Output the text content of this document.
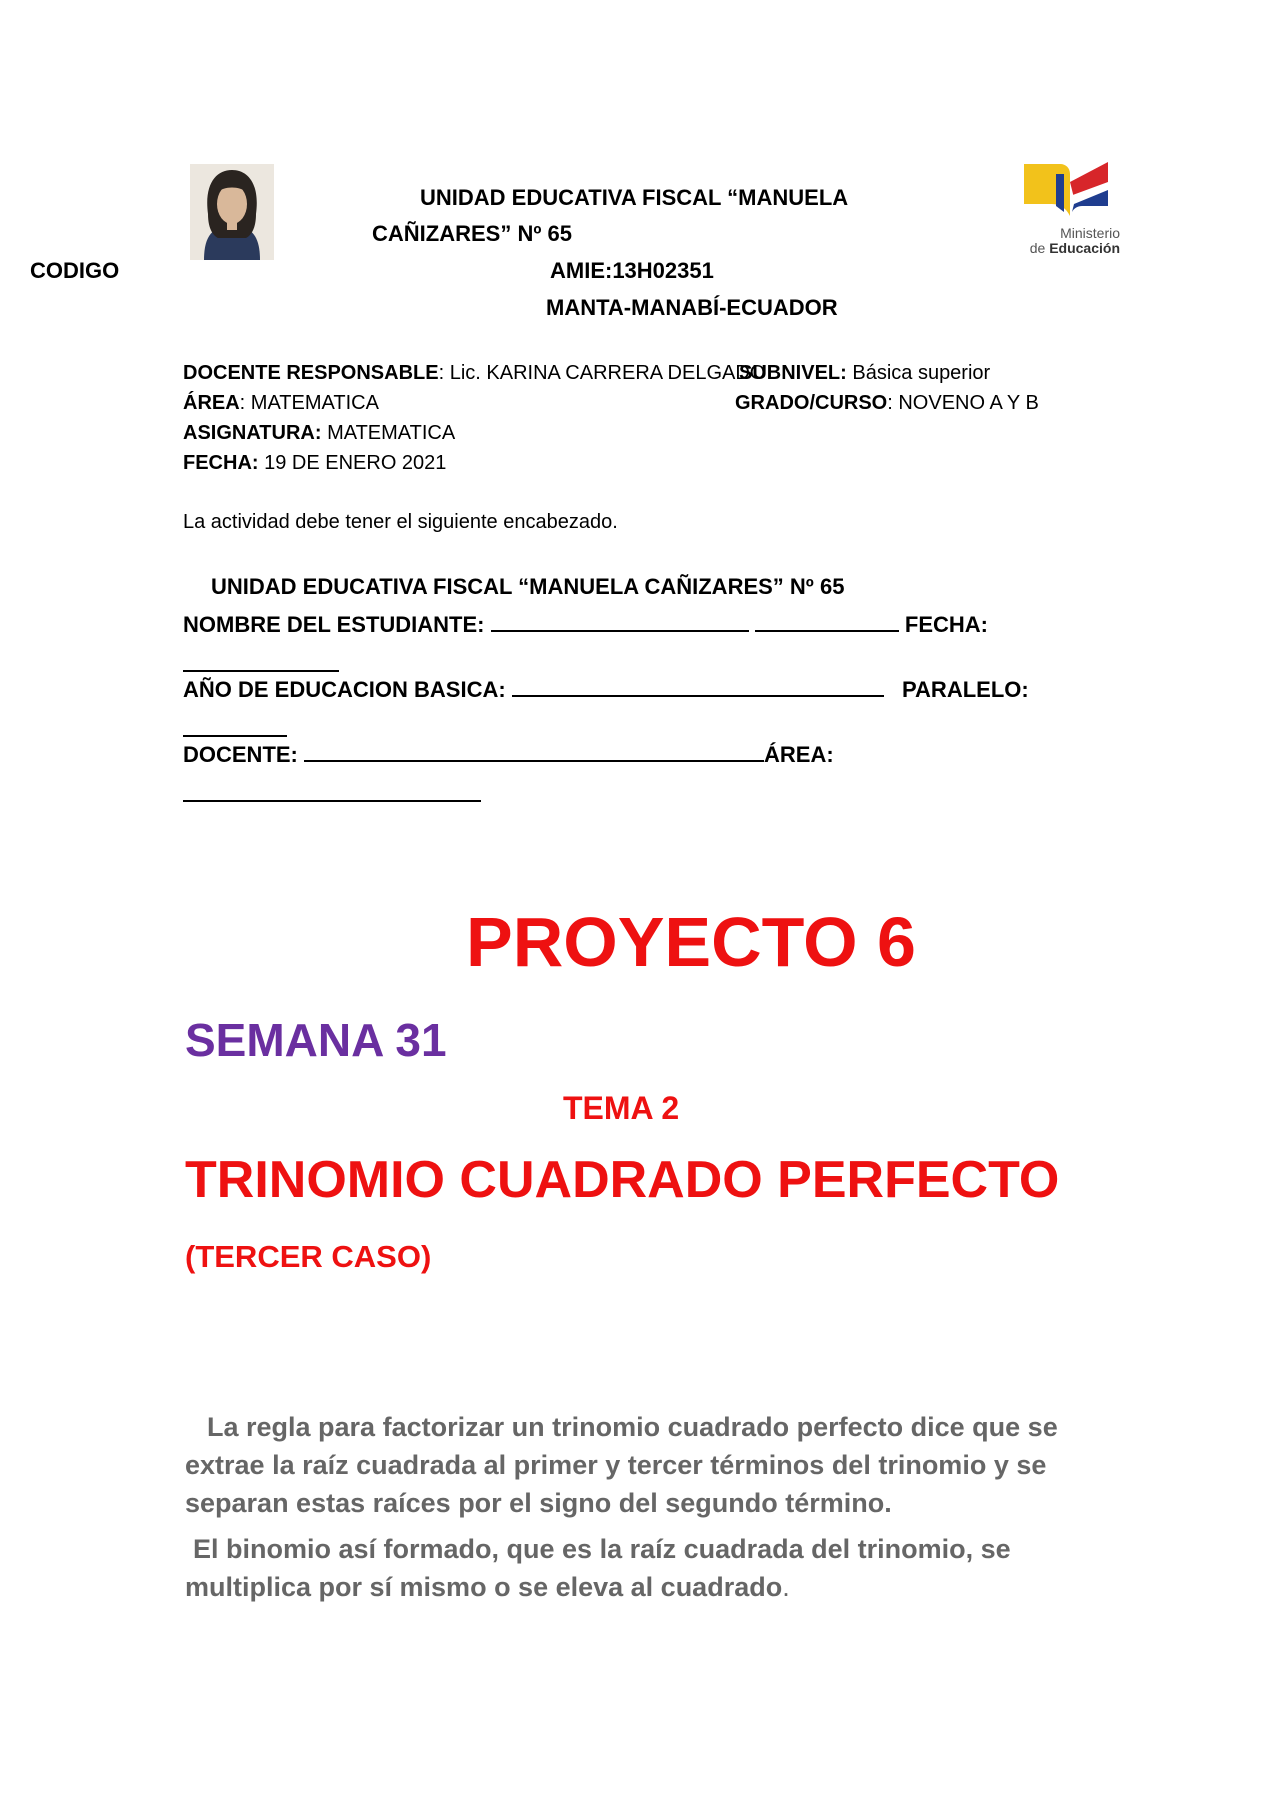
UNIDAD EDUCATIVA FISCAL “MANUELA
CAÑIZARES” Nº 65
CODIGO	AMIE:13H02351
MANTA-MANABÍ-ECUADOR
Ministerio
de Educación
DOCENTE RESPONSABLE: Lic. KARINA CARRERA DELGADO
SUBNIVEL: Básica superior
ÁREA: MATEMATICA	GRADO/CURSO: NOVENO A Y B
ASIGNATURA: MATEMATICA
FECHA: 19 DE ENERO 2021
La actividad debe tener el siguiente encabezado.
UNIDAD EDUCATIVA FISCAL “MANUELA CAÑIZARES” Nº 65
NOMBRE DEL ESTUDIANTE:	FECHA:
AÑO DE EDUCACION BASICA:	PARALELO:
DOCENTE:	ÁREA:
PROYECTO 6
SEMANA 31
TEMA 2
TRINOMIO CUADRADO PERFECTO
(TERCER CASO)
La regla para factorizar un trinomio cuadrado perfecto dice que se extrae la raíz cuadrada al primer y tercer términos del trinomio y se separan estas raíces por el signo del segundo término.
El binomio así formado, que es la raíz cuadrada del trinomio, se multiplica por sí mismo o se eleva al cuadrado.
